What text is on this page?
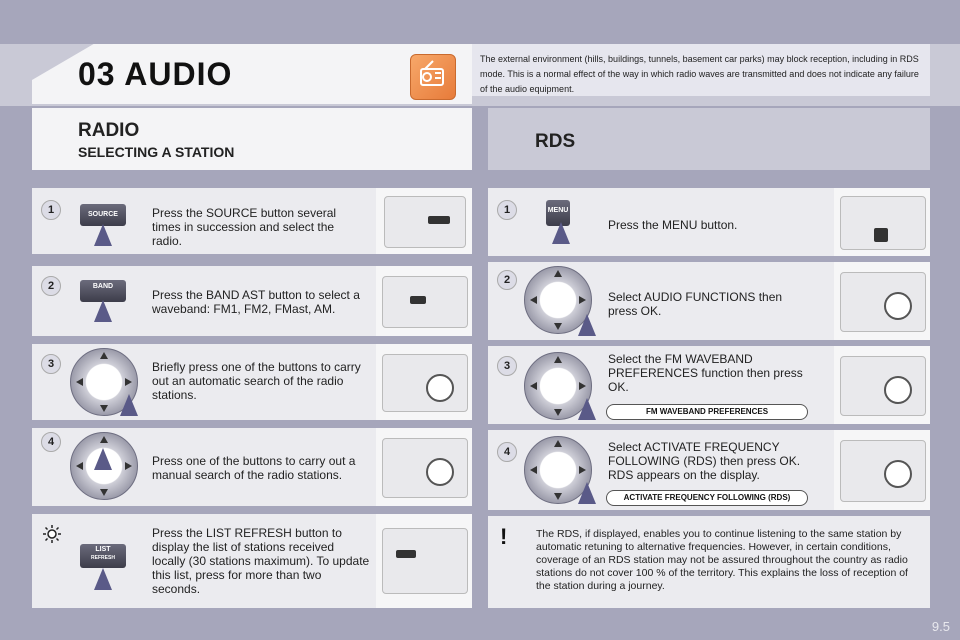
03 AUDIO	The external environment (hills, buildings, tunnels, basement car parks) may block reception, including in RDS mode. This is a normal effect of the way in which radio waves are transmitted and does not indicate any failure of the audio equipment.
RADIO
SELECTING A STATION	RDS
1	SOURCE	Press the SOURCE button several times in succession and select the radio.
2	BAND
Press the BAND AST button to select a waveband: FM1, FM2, FMast, AM.
3	Briefly press one of the buttons to carry out an automatic search of the radio stations.
4
Press one of the buttons to carry out a manual search of the radio stations.
LIST
REFRESH
Press the LIST REFRESH button to display the list of stations received locally (30 stations maximum). To update this list, press for more than two seconds.
1	MENU
Press the MENU button.
2
Select AUDIO FUNCTIONS then press OK.
3	Select the FM WAVEBAND PREFERENCES function then press OK.
FM WAVEBAND PREFERENCES
4	Select ACTIVATE FREQUENCY FOLLOWING (RDS) then press OK. RDS appears on the display.
ACTIVATE FREQUENCY FOLLOWING (RDS)
!	The RDS, if displayed, enables you to continue listening to the same station by automatic retuning to alternative frequencies. However, in certain conditions, coverage of an RDS station may not be assured throughout the country as radio stations do not cover 100 % of the territory. This explains the loss of reception of the station during a journey.
9.5
